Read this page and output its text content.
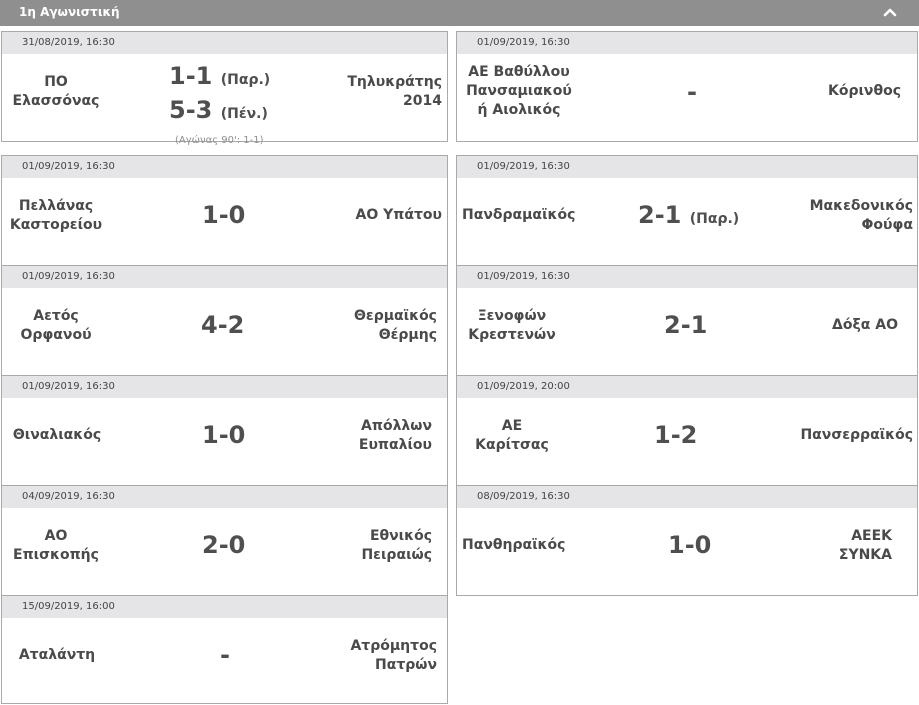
1η Αγωνιστική
31/08/2019, 16:30
ΠΟ
Ελασσόνας
1-1 (Παρ.)
5-3 (Πέν.)
(Αγώνας 90': 1-1)
Τηλυκράτης
2014
01/09/2019, 16:30
ΑΕ Βαθύλλου
Πανσαμιακού
ή Αιολικός
-	Κόρινθος
01/09/2019, 16:30
Πελλάνας
Καστορείου	1-0	ΑΟ Υπάτου
01/09/2019, 16:30
Πανδραμαϊκός	2-1 (Παρ.)
Μακεδονικός
Φούφα
01/09/2019, 16:30
Αετός
Ορφανού	4-2	Θερμαϊκός
Θέρμης
01/09/2019, 16:30
Ξενοφών
Κρεστενών	2-1	Δόξα ΑΟ
01/09/2019, 16:30
Θιναλιακός	1-0	Απόλλων
Ευπαλίου
01/09/2019, 20:00
ΑΕ
Καρίτσας	1-2	Πανσερραϊκός
04/09/2019, 16:30
ΑΟ
Επισκοπής	2-0	Εθνικός
Πειραιώς
08/09/2019, 16:30
Πανθηραϊκός	1-0	ΑΕΕΚ
ΣΥΝΚΑ
15/09/2019, 16:00
Αταλάντη	-	Ατρόμητος
Πατρών
